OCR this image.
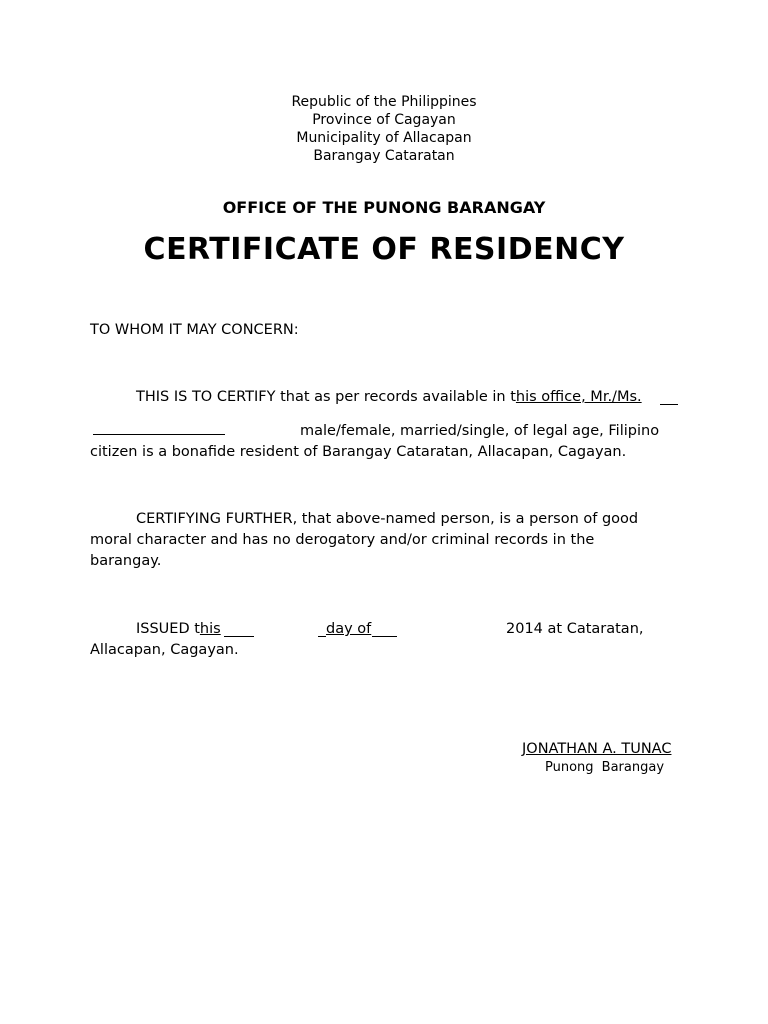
Republic of the Philippines
Province of Cagayan
Municipality of Allacapan
Barangay Cataratan
OFFICE OF THE PUNONG BARANGAY
CERTIFICATE OF RESIDENCY
TO WHOM IT MAY CONCERN:
THIS IS TO CERTIFY that as per records available in this office, Mr./Ms.
male/female, married/single, of legal age, Filipino
citizen is a bonafide resident of Barangay Cataratan, Allacapan, Cagayan.
CERTIFYING FURTHER, that above-named person, is a person of good
moral character and has no derogatory and/or criminal records in the
barangay.
ISSUED this	day of	2014 at Cataratan,
Allacapan, Cagayan.
JONATHAN A. TUNAC
Punong Barangay
